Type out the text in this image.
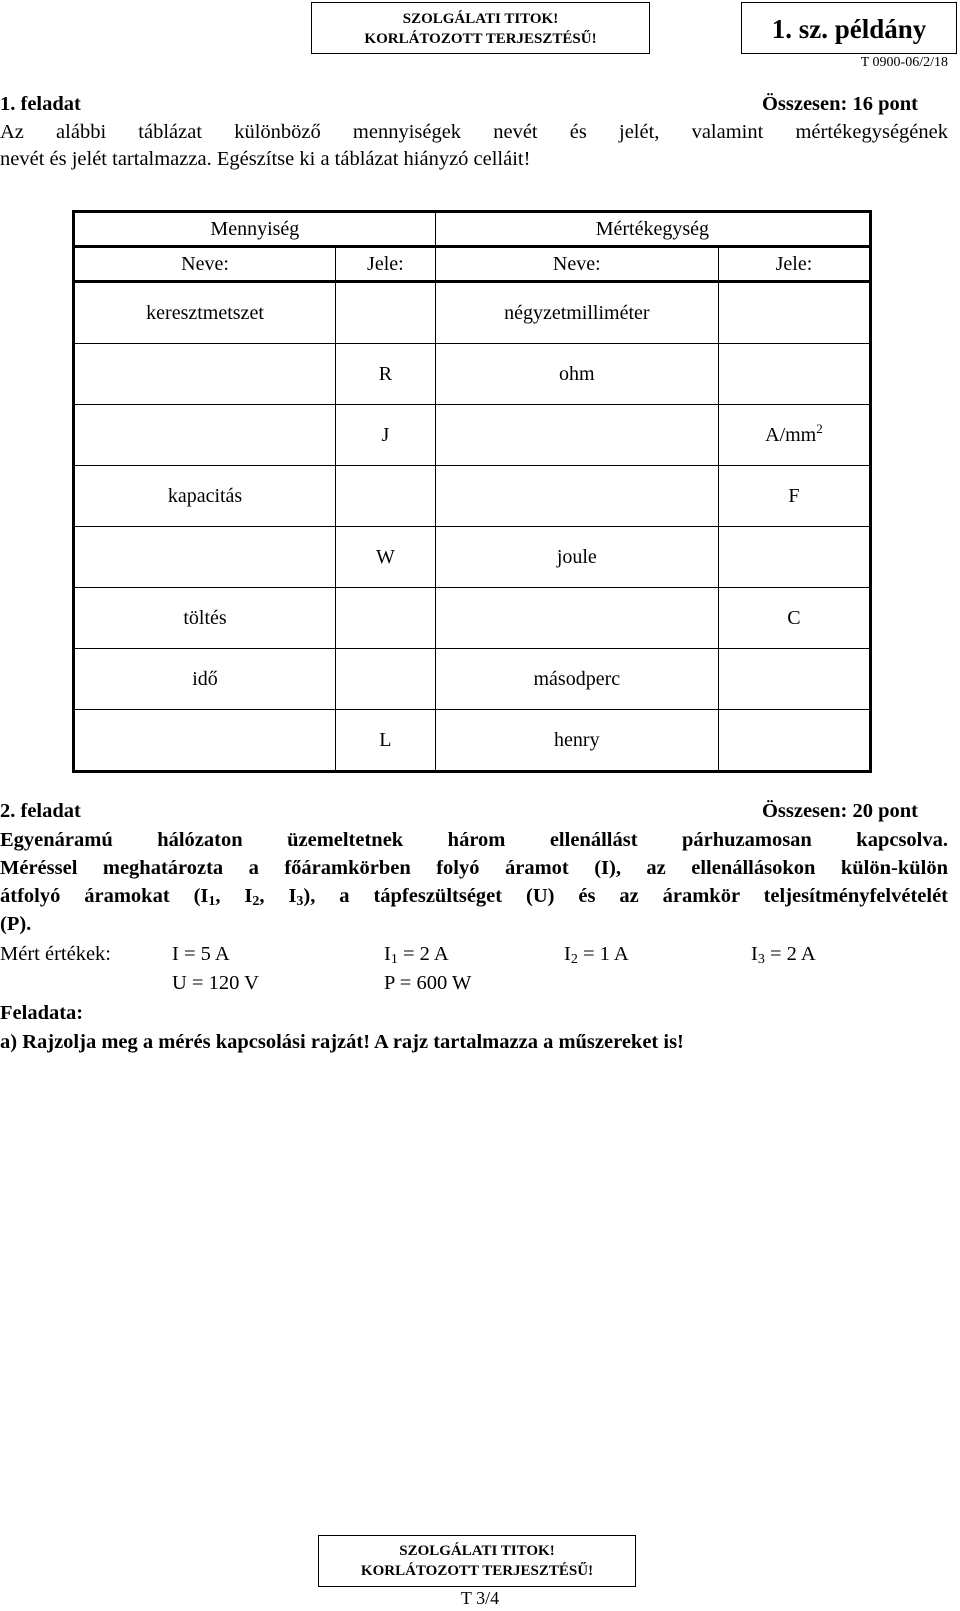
SZOLGÁLATI TITOK!
KORLÁTOZOTT TERJESZTÉSŰ!	1. sz. példány
T 0900-06/2/18
1. feladat	Összesen: 16 pont
Az alábbi táblázat különböző mennyiségek nevét és jelét, valamint mértékegységének
nevét és jelét tartalmazza. Egészítse ki a táblázat hiányzó celláit!
Mennyiség		Mértékegység	
Neve:	Jele:	Neve:	Jele:
keresztmetszet		négyzetmilliméter	
	R	ohm	
	J		$A/mm^2$
kapacitás			F
	W	joule	
töltés			C
idő		másodperc	
	L	henry	
2. feladat	Összesen: 20 pont
Egyenáramú hálózaton üzemeltetnek három ellenállást párhuzamosan kapcsolva.
Méréssel meghatározta a főáramkörben folyó áramot (I), az ellenállásokon külön-külön
átfolyó áramokat ($I_1$, $I_2$, $I_3$), a tápfeszültséget (U) és az áramkör teljesítményfelvételét
(P).
Mért értékek:	I = 5 A	$I_1 = 2$ A	$I_2 = 1$ A	$I_3 = 2$ A
U = 120 V	P = 600 W
Feladata:
a) Rajzolja meg a mérés kapcsolási rajzát! A rajz tartalmazza a műszereket is!
SZOLGÁLATI TITOK!
KORLÁTOZOTT TERJESZTÉSŰ!
T 3/4
